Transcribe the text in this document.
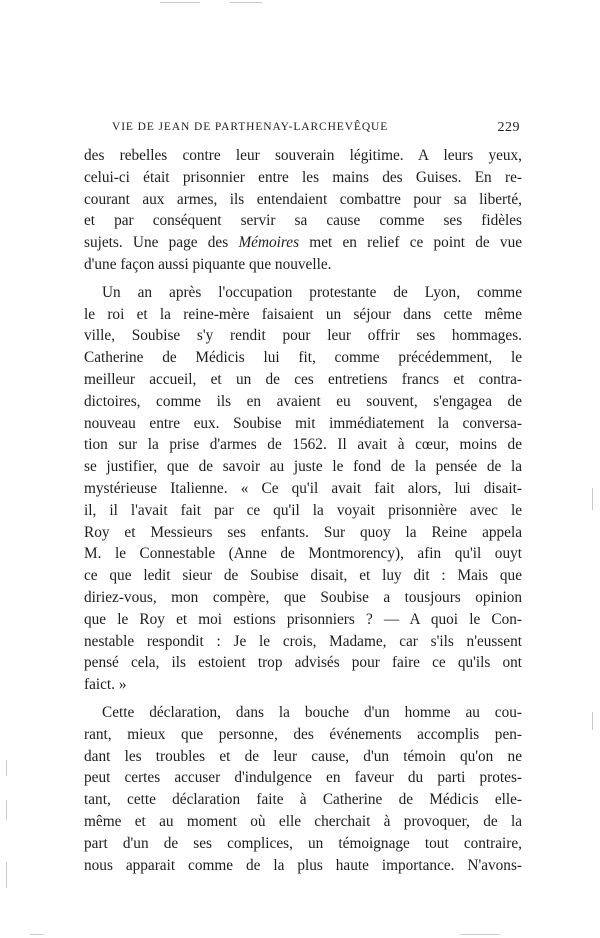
VIE DE JEAN DE PARTHENAY-LARCHEVÊQUE	229
des rebelles contre leur souverain légitime. A leurs yeux,
celui-ci était prisonnier entre les mains des Guises. En re-
courant aux armes, ils entendaient combattre pour sa liberté,
et par conséquent servir sa cause comme ses fidèles
sujets. Une page des Mémoires met en relief ce point de vue
d'une façon aussi piquante que nouvelle.
Un an après l'occupation protestante de Lyon, comme
le roi et la reine-mère faisaient un séjour dans cette même
ville, Soubise s'y rendit pour leur offrir ses hommages.
Catherine de Médicis lui fit, comme précédemment, le
meilleur accueil, et un de ces entretiens francs et contra-
dictoires, comme ils en avaient eu souvent, s'engagea de
nouveau entre eux. Soubise mit immédiatement la conversa-
tion sur la prise d'armes de 1562. Il avait à cœur, moins de
se justifier, que de savoir au juste le fond de la pensée de la
mystérieuse Italienne. « Ce qu'il avait fait alors, lui disait-
il, il l'avait fait par ce qu'il la voyait prisonnière avec le
Roy et Messieurs ses enfants. Sur quoy la Reine appela
M. le Connestable (Anne de Montmorency), afin qu'il ouyt
ce que ledit sieur de Soubise disait, et luy dit : Mais que
diriez-vous, mon compère, que Soubise a tousjours opinion
que le Roy et moi estions prisonniers ? — A quoi le Con-
nestable respondit : Je le crois, Madame, car s'ils n'eussent
pensé cela, ils estoient trop advisés pour faire ce qu'ils ont
faict. »
Cette déclaration, dans la bouche d'un homme au cou-
rant, mieux que personne, des événements accomplis pen-
dant les troubles et de leur cause, d'un témoin qu'on ne
peut certes accuser d'indulgence en faveur du parti protes-
tant, cette déclaration faite à Catherine de Médicis elle-
même et au moment où elle cherchait à provoquer, de la
part d'un de ses complices, un témoignage tout contraire,
nous apparait comme de la plus haute importance. N'avons-
